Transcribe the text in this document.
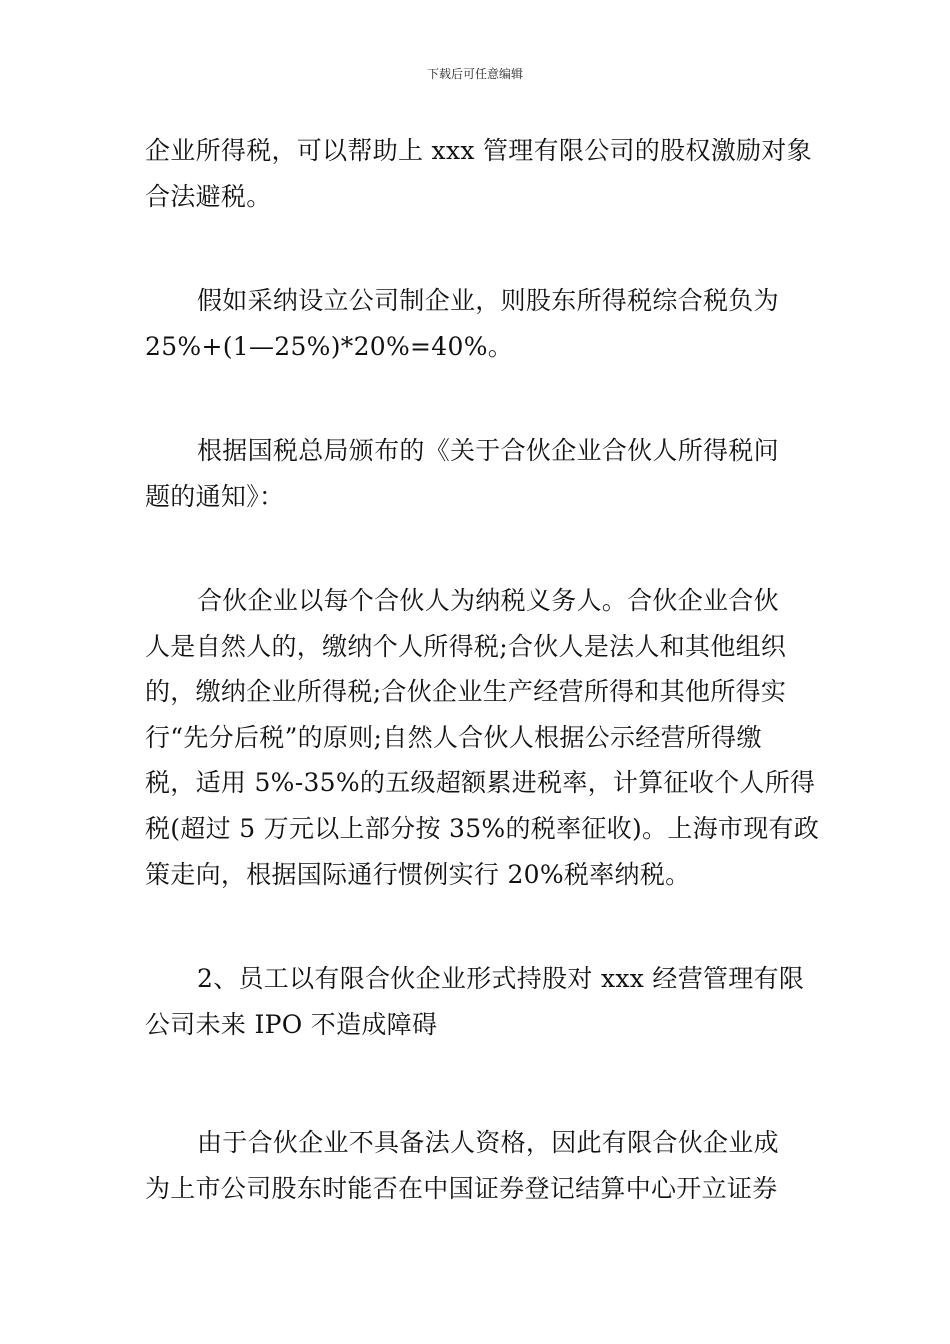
下载后可任意编辑
企业所得税，可以帮助上 xxx 管理有限公司的股权激励对象
合法避税。
假如采纳设立公司制企业，则股东所得税综合税负为
25%+(1—25%)*20%=40%。
根据国税总局颁布的《关于合伙企业合伙人所得税问
题的通知》：
合伙企业以每个合伙人为纳税义务人。合伙企业合伙
人是自然人的，缴纳个人所得税;合伙人是法人和其他组织
的，缴纳企业所得税;合伙企业生产经营所得和其他所得实
行“先分后税”的原则;自然人合伙人根据公示经营所得缴
税，适用 5%-35%的五级超额累进税率，计算征收个人所得
税(超过 5 万元以上部分按 35%的税率征收)。上海市现有政
策走向，根据国际通行惯例实行 20%税率纳税。
2、员工以有限合伙企业形式持股对 xxx 经营管理有限
公司未来 IPO 不造成障碍
由于合伙企业不具备法人资格，因此有限合伙企业成
为上市公司股东时能否在中国证券登记结算中心开立证券
